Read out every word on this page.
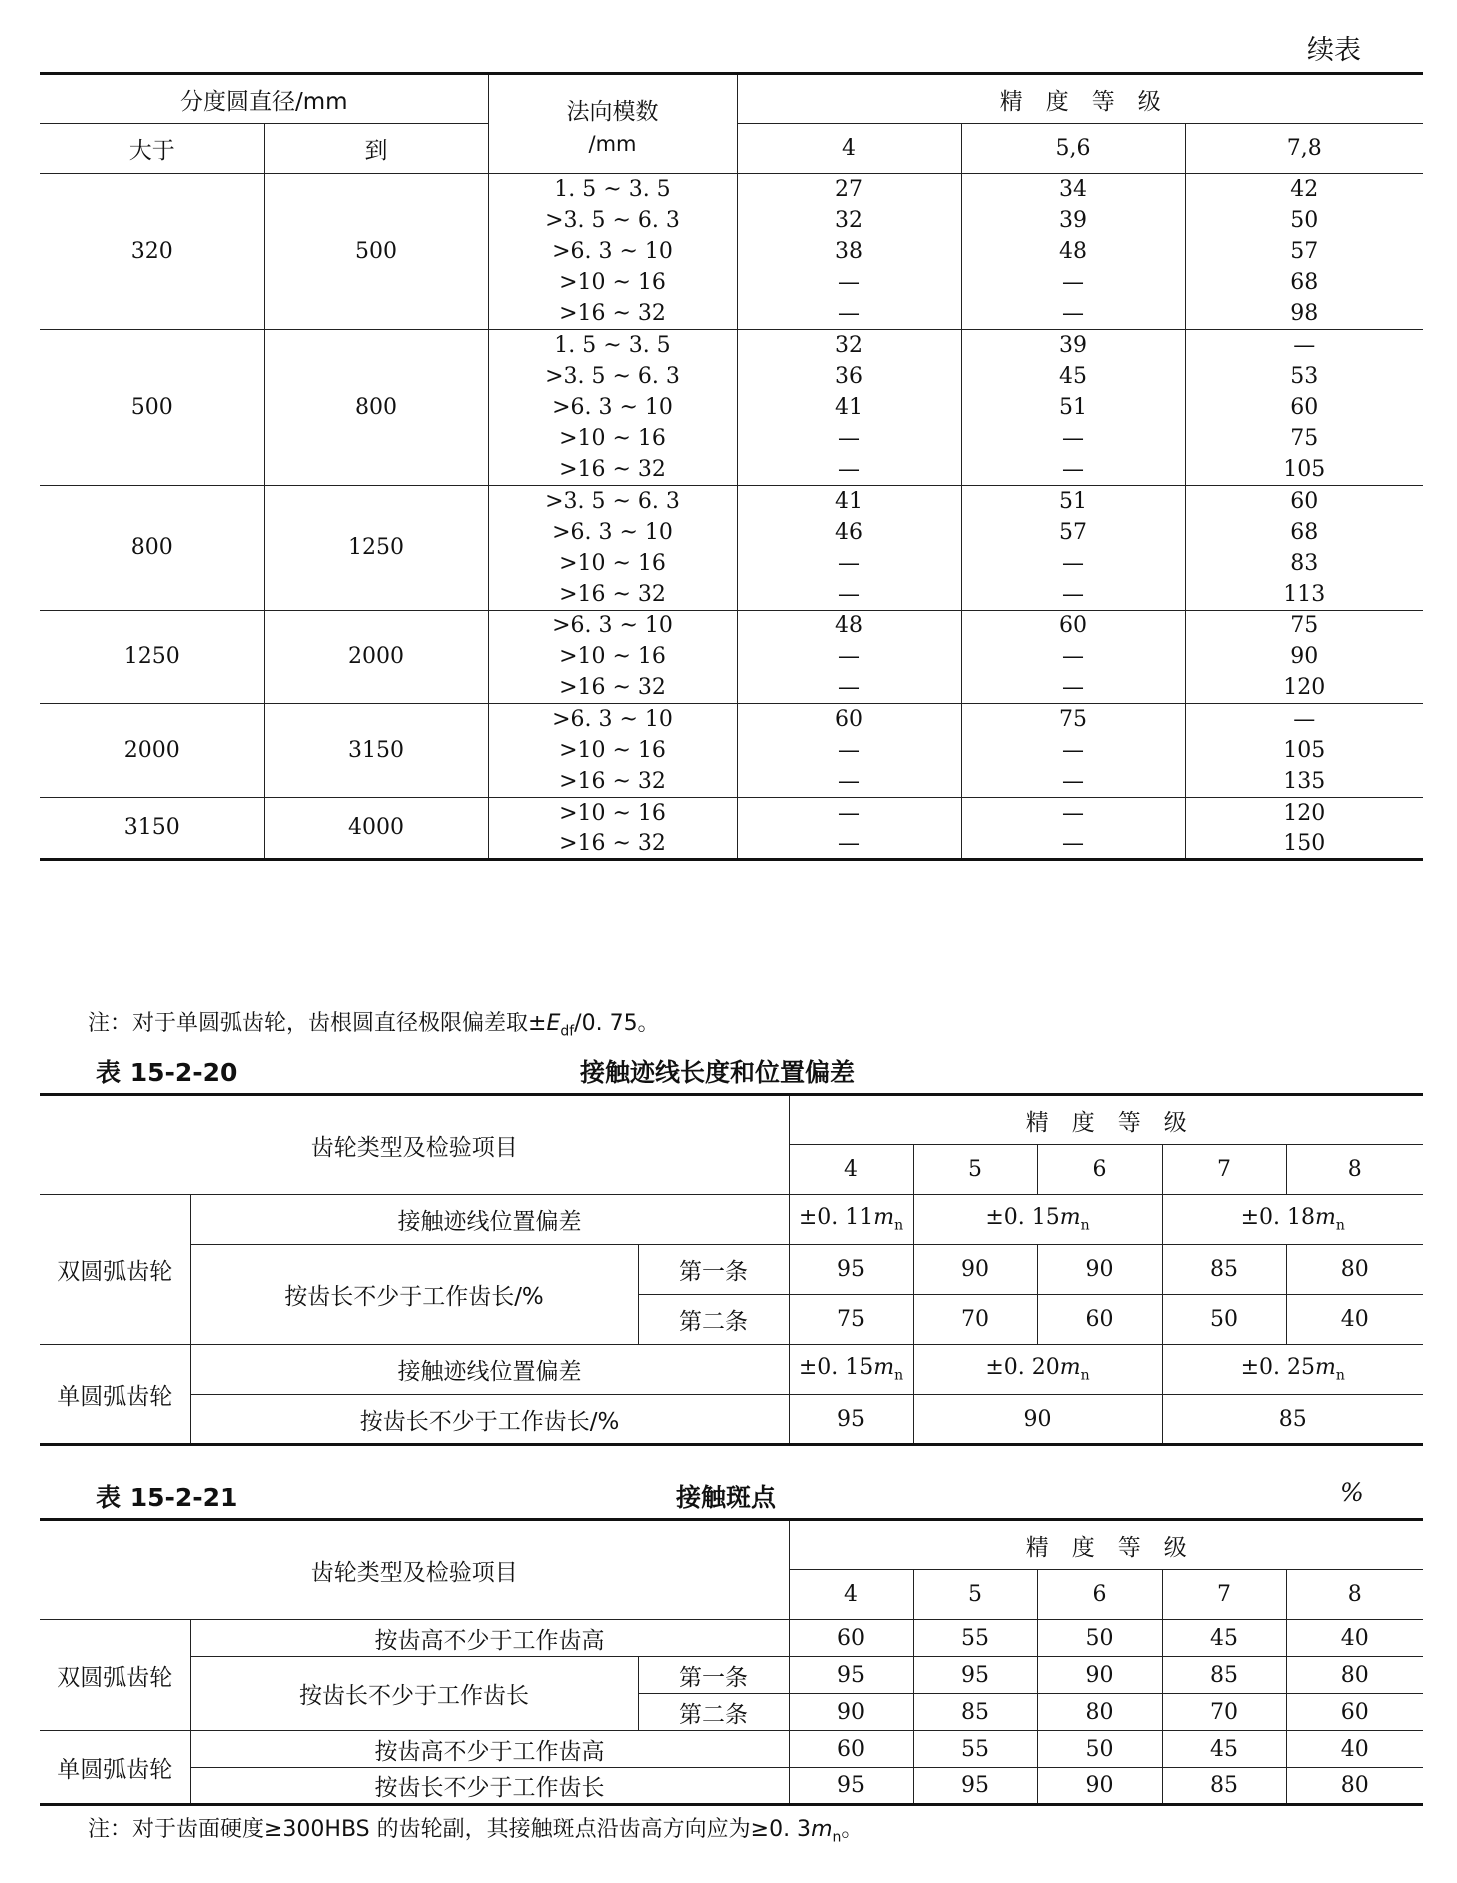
续表
分度圆直径/mm		法向模数
/mm	精　度　等　级		
大于	到		4	5,6	7,8
320	500	1. 5 ~ 3. 5	27	34	42
		>3. 5 ~ 6. 3	32	39	50
		>6. 3 ~ 10	38	48	57
		>10 ~ 16	—	—	68
		>16 ~ 32	—	—	98
500	800	1. 5 ~ 3. 5	32	39	—
		>3. 5 ~ 6. 3	36	45	53
		>6. 3 ~ 10	41	51	60
		>10 ~ 16	—	—	75
		>16 ~ 32	—	—	105
800	1250	>3. 5 ~ 6. 3	41	51	60
		>6. 3 ~ 10	46	57	68
		>10 ~ 16	—	—	83
		>16 ~ 32	—	—	113
1250	2000	>6. 3 ~ 10	48	60	75
		>10 ~ 16	—	—	90
		>16 ~ 32	—	—	120
2000	3150	>6. 3 ~ 10	60	75	—
		>10 ~ 16	—	—	105
		>16 ~ 32	—	—	135
3150	4000	>10 ~ 16	—	—	120
		>16 ~ 32	—	—	150
注：对于单圆弧齿轮，齿根圆直径极限偏差取$\pm E_{df}/0$. 75。
表 15-2-20	接触迹线长度和位置偏差
齿轮类型及检验项目			精　度　等　级				
			4	5	6	7	8
双圆弧齿轮	接触迹线位置偏差		±0. $11m_n$	±0. $15m_n$		±0. $18m_n$
	按齿长不少于工作齿长/%	第一条	95	90	90	85	80
		第二条	75	70	60	50	40
单圆弧齿轮	接触迹线位置偏差		±0. $15m_n$	±0. $20m_n$		±0. $25m_n$
	按齿长不少于工作齿长/%		95	90		85	
表 15-2-21	接触斑点	%
齿轮类型及检验项目			精　度　等　级				
			4	5	6	7	8
双圆弧齿轮	按齿高不少于工作齿高		60	55	50	45	40
	按齿长不少于工作齿长	第一条	95	95	90	85	80
		第二条	90	85	80	70	60
单圆弧齿轮	按齿高不少于工作齿高		60	55	50	45	40
	按齿长不少于工作齿长		95	95	90	85	80
注：对于齿面硬度≥300HBS 的齿轮副，其接触斑点沿齿高方向应为≥0. $3m_n$。
